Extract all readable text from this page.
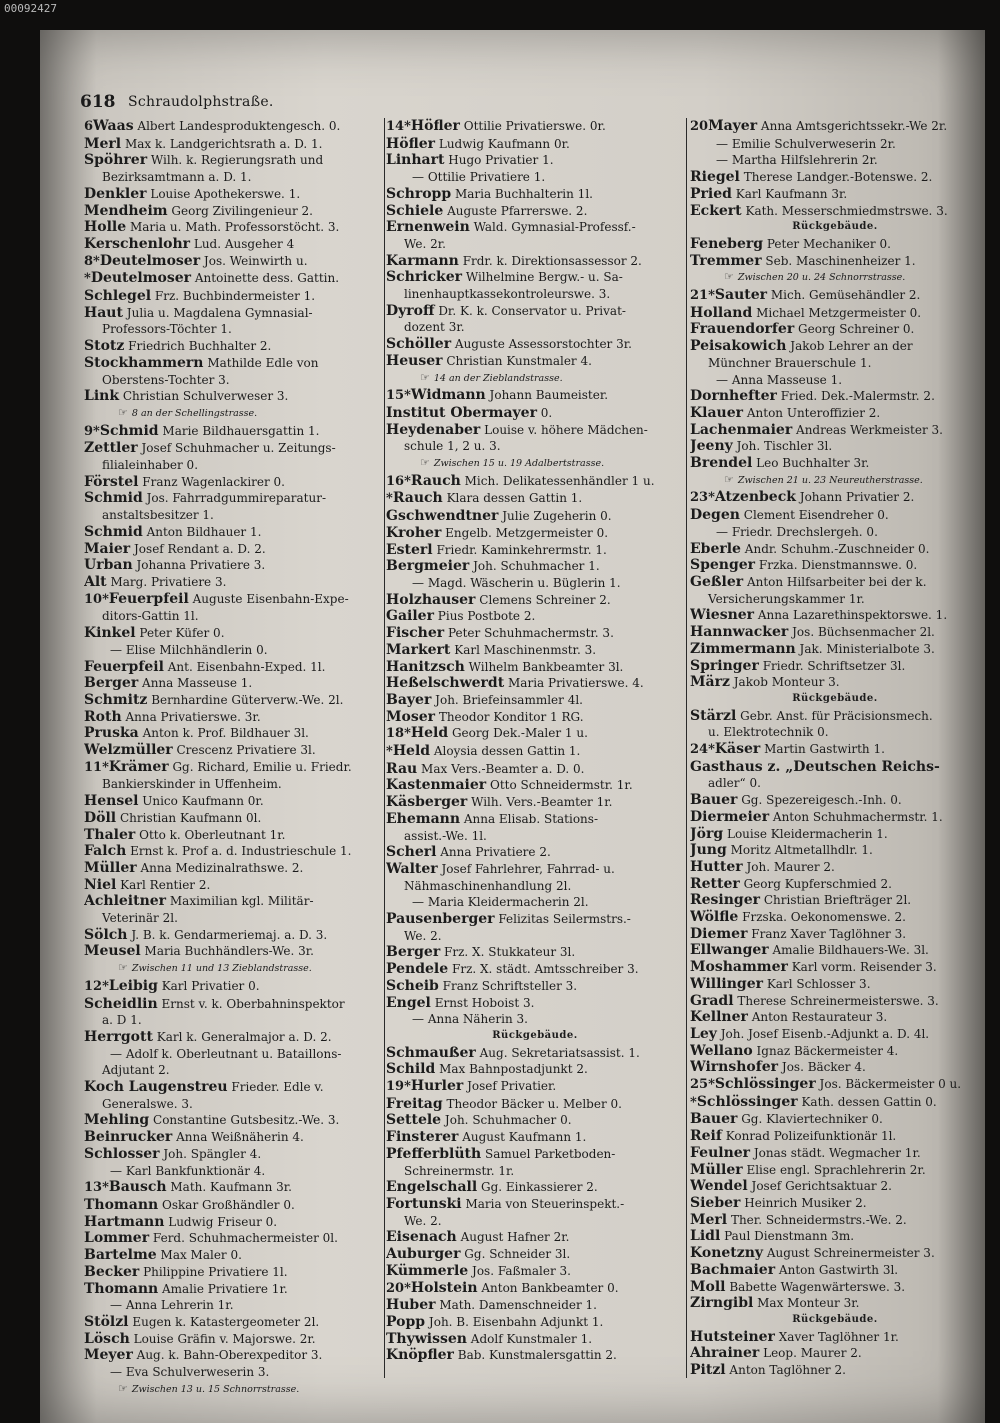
00092427
618 Schraudolphstraße.
6Waas Albert Landesproduktengesch. 0.
Merl Max k. Landgerichtsrath a. D. 1.
Spöhrer Wilh. k. Regierungsrath und
Bezirksamtmann a. D. 1.
Denkler Louise Apothekerswe. 1.
Mendheim Georg Zivilingenieur 2.
Holle Maria u. Math. Professorstöcht. 3.
Kerschenlohr Lud. Ausgeher 4
8*Deutelmoser Jos. Weinwirth u.
*Deutelmoser Antoinette dess. Gattin.
Schlegel Frz. Buchbindermeister 1.
Haut Julia u. Magdalena Gymnasial-
Professors-Töchter 1.
Stotz Friedrich Buchhalter 2.
Stockhammern Mathilde Edle von
Oberstens-Tochter 3.
Link Christian Schulverweser 3.
☞ 8 an der Schellingstrasse.
9*Schmid Marie Bildhauersgattin 1.
Zettler Josef Schuhmacher u. Zeitungs-
filialeinhaber 0.
Förstel Franz Wagenlackirer 0.
Schmid Jos. Fahrradgummireparatur-
anstaltsbesitzer 1.
Schmid Anton Bildhauer 1.
Maier Josef Rendant a. D. 2.
Urban Johanna Privatiere 3.
Alt Marg. Privatiere 3.
10*Feuerpfeil Auguste Eisenbahn-Expe-
ditors-Gattin 1l.
Kinkel Peter Küfer 0.
— Elise Milchhändlerin 0.
Feuerpfeil Ant. Eisenbahn-Exped. 1l.
Berger Anna Masseuse 1.
Schmitz Bernhardine Güterverw.-We. 2l.
Roth Anna Privatierswe. 3r.
Pruska Anton k. Prof. Bildhauer 3l.
Welzmüller Crescenz Privatiere 3l.
11*Krämer Gg. Richard, Emilie u. Friedr.
Bankierskinder in Uffenheim.
Hensel Unico Kaufmann 0r.
Döll Christian Kaufmann 0l.
Thaler Otto k. Oberleutnant 1r.
Falch Ernst k. Prof a. d. Industrieschule 1.
Müller Anna Medizinalrathswe. 2.
Niel Karl Rentier 2.
Achleitner Maximilian kgl. Militär-
Veterinär 2l.
Sölch J. B. k. Gendarmeriemaj. a. D. 3.
Meusel Maria Buchhändlers-We. 3r.
☞ Zwischen 11 und 13 Zieblandstrasse.
12*Leibig Karl Privatier 0.
Scheidlin Ernst v. k. Oberbahninspektor
a. D 1.
Herrgott Karl k. Generalmajor a. D. 2.
— Adolf k. Oberleutnant u. Bataillons-
Adjutant 2.
Koch Laugenstreu Frieder. Edle v.
Generalswe. 3.
Mehling Constantine Gutsbesitz.-We. 3.
Beinrucker Anna Weißnäherin 4.
Schlosser Joh. Spängler 4.
— Karl Bankfunktionär 4.
13*Bausch Math. Kaufmann 3r.
Thomann Oskar Großhändler 0.
Hartmann Ludwig Friseur 0.
Lommer Ferd. Schuhmachermeister 0l.
Bartelme Max Maler 0.
Becker Philippine Privatiere 1l.
Thomann Amalie Privatiere 1r.
— Anna Lehrerin 1r.
Stölzl Eugen k. Katastergeometer 2l.
Lösch Louise Gräfin v. Majorswe. 2r.
Meyer Aug. k. Bahn-Oberexpeditor 3.
— Eva Schulverweserin 3.
☞ Zwischen 13 u. 15 Schnorrstrasse.
14*Höfler Ottilie Privatierswe. 0r.
Höfler Ludwig Kaufmann 0r.
Linhart Hugo Privatier 1.
— Ottilie Privatiere 1.
Schropp Maria Buchhalterin 1l.
Schiele Auguste Pfarrerswe. 2.
Ernenwein Wald. Gymnasial-Professf.-
We. 2r.
Karmann Frdr. k. Direktionsassessor 2.
Schricker Wilhelmine Bergw.- u. Sa-
linenhauptkassekontroleurswe. 3.
Dyroff Dr. K. k. Conservator u. Privat-
dozent 3r.
Schöller Auguste Assessorstochter 3r.
Heuser Christian Kunstmaler 4.
☞ 14 an der Zieblandstrasse.
15*Widmann Johann Baumeister.
Institut Obermayer 0.
Heydenaber Louise v. höhere Mädchen-
schule 1, 2 u. 3.
☞ Zwischen 15 u. 19 Adalbertstrasse.
16*Rauch Mich. Delikatessenhändler 1 u.
*Rauch Klara dessen Gattin 1.
Gschwendtner Julie Zugeherin 0.
Kroher Engelb. Metzgermeister 0.
Esterl Friedr. Kaminkehrermstr. 1.
Bergmeier Joh. Schuhmacher 1.
— Magd. Wäscherin u. Büglerin 1.
Holzhauser Clemens Schreiner 2.
Gailer Pius Postbote 2.
Fischer Peter Schuhmachermstr. 3.
Markert Karl Maschinenmstr. 3.
Hanitzsch Wilhelm Bankbeamter 3l.
Heßelschwerdt Maria Privatierswe. 4.
Bayer Joh. Briefeinsammler 4l.
Moser Theodor Konditor 1 RG.
18*Held Georg Dek.-Maler 1 u.
*Held Aloysia dessen Gattin 1.
Rau Max Vers.-Beamter a. D. 0.
Kastenmaier Otto Schneidermstr. 1r.
Käsberger Wilh. Vers.-Beamter 1r.
Ehemann Anna Elisab. Stations-
assist.-We. 1l.
Scherl Anna Privatiere 2.
Walter Josef Fahrlehrer, Fahrrad- u.
Nähmaschinenhandlung 2l.
— Maria Kleidermacherin 2l.
Pausenberger Felizitas Seilermstrs.-
We. 2.
Berger Frz. X. Stukkateur 3l.
Pendele Frz. X. städt. Amtsschreiber 3.
Scheib Franz Schriftsteller 3.
Engel Ernst Hoboist 3.
— Anna Näherin 3.
Rückgebäude.
Schmaußer Aug. Sekretariatsassist. 1.
Schild Max Bahnpostadjunkt 2.
19*Hurler Josef Privatier.
Freitag Theodor Bäcker u. Melber 0.
Settele Joh. Schuhmacher 0.
Finsterer August Kaufmann 1.
Pfefferblüth Samuel Parketboden-
Schreinermstr. 1r.
Engelschall Gg. Einkassierer 2.
Fortunski Maria von Steuerinspekt.-
We. 2.
Eisenach August Hafner 2r.
Auburger Gg. Schneider 3l.
Kümmerle Jos. Faßmaler 3.
20*Holstein Anton Bankbeamter 0.
Huber Math. Damenschneider 1.
Popp Joh. B. Eisenbahn Adjunkt 1.
Thywissen Adolf Kunstmaler 1.
Knöpfler Bab. Kunstmalersgattin 2.
20Mayer Anna Amtsgerichtssekr.-We 2r.
— Emilie Schulverweserin 2r.
— Martha Hilfslehrerin 2r.
Riegel Therese Landger.-Botenswe. 2.
Pried Karl Kaufmann 3r.
Eckert Kath. Messerschmiedmstrswe. 3.
Rückgebäude.
Feneberg Peter Mechaniker 0.
Tremmer Seb. Maschinenheizer 1.
☞ Zwischen 20 u. 24 Schnorrstrasse.
21*Sauter Mich. Gemüsehändler 2.
Holland Michael Metzgermeister 0.
Frauendorfer Georg Schreiner 0.
Peisakowich Jakob Lehrer an der
Münchner Brauerschule 1.
— Anna Masseuse 1.
Dornhefter Fried. Dek.-Malermstr. 2.
Klauer Anton Unteroffizier 2.
Lachenmaier Andreas Werkmeister 3.
Jeeny Joh. Tischler 3l.
Brendel Leo Buchhalter 3r.
☞ Zwischen 21 u. 23 Neureutherstrasse.
23*Atzenbeck Johann Privatier 2.
Degen Clement Eisendreher 0.
— Friedr. Drechslergeh. 0.
Eberle Andr. Schuhm.-Zuschneider 0.
Spenger Frzka. Dienstmannswe. 0.
Geßler Anton Hilfsarbeiter bei der k.
Versicherungskammer 1r.
Wiesner Anna Lazarethinspektorswe. 1.
Hannwacker Jos. Büchsenmacher 2l.
Zimmermann Jak. Ministerialbote 3.
Springer Friedr. Schriftsetzer 3l.
März Jakob Monteur 3.
Rückgebäude.
Stärzl Gebr. Anst. für Präcisionsmech.
u. Elektrotechnik 0.
24*Käser Martin Gastwirth 1.
Gasthaus z. „Deutschen Reichs-
adler“ 0.
Bauer Gg. Spezereigesch.-Inh. 0.
Diermeier Anton Schuhmachermstr. 1.
Jörg Louise Kleidermacherin 1.
Jung Moritz Altmetallhdlr. 1.
Hutter Joh. Maurer 2.
Retter Georg Kupferschmied 2.
Resinger Christian Briefträger 2l.
Wölfle Frzska. Oekonomenswe. 2.
Diemer Franz Xaver Taglöhner 3.
Ellwanger Amalie Bildhauers-We. 3l.
Moshammer Karl vorm. Reisender 3.
Willinger Karl Schlosser 3.
Gradl Therese Schreinermeisterswe. 3.
Kellner Anton Restaurateur 3.
Ley Joh. Josef Eisenb.-Adjunkt a. D. 4l.
Wellano Ignaz Bäckermeister 4.
Wirnshofer Jos. Bäcker 4.
25*Schlössinger Jos. Bäckermeister 0 u.
*Schlössinger Kath. dessen Gattin 0.
Bauer Gg. Klaviertechniker 0.
Reif Konrad Polizeifunktionär 1l.
Feulner Jonas städt. Wegmacher 1r.
Müller Elise engl. Sprachlehrerin 2r.
Wendel Josef Gerichtsaktuar 2.
Sieber Heinrich Musiker 2.
Merl Ther. Schneidermstrs.-We. 2.
Lidl Paul Dienstmann 3m.
Konetzny August Schreinermeister 3.
Bachmaier Anton Gastwirth 3l.
Moll Babette Wagenwärterswe. 3.
Zirngibl Max Monteur 3r.
Rückgebäude.
Hutsteiner Xaver Taglöhner 1r.
Ahrainer Leop. Maurer 2.
Pitzl Anton Taglöhner 2.
